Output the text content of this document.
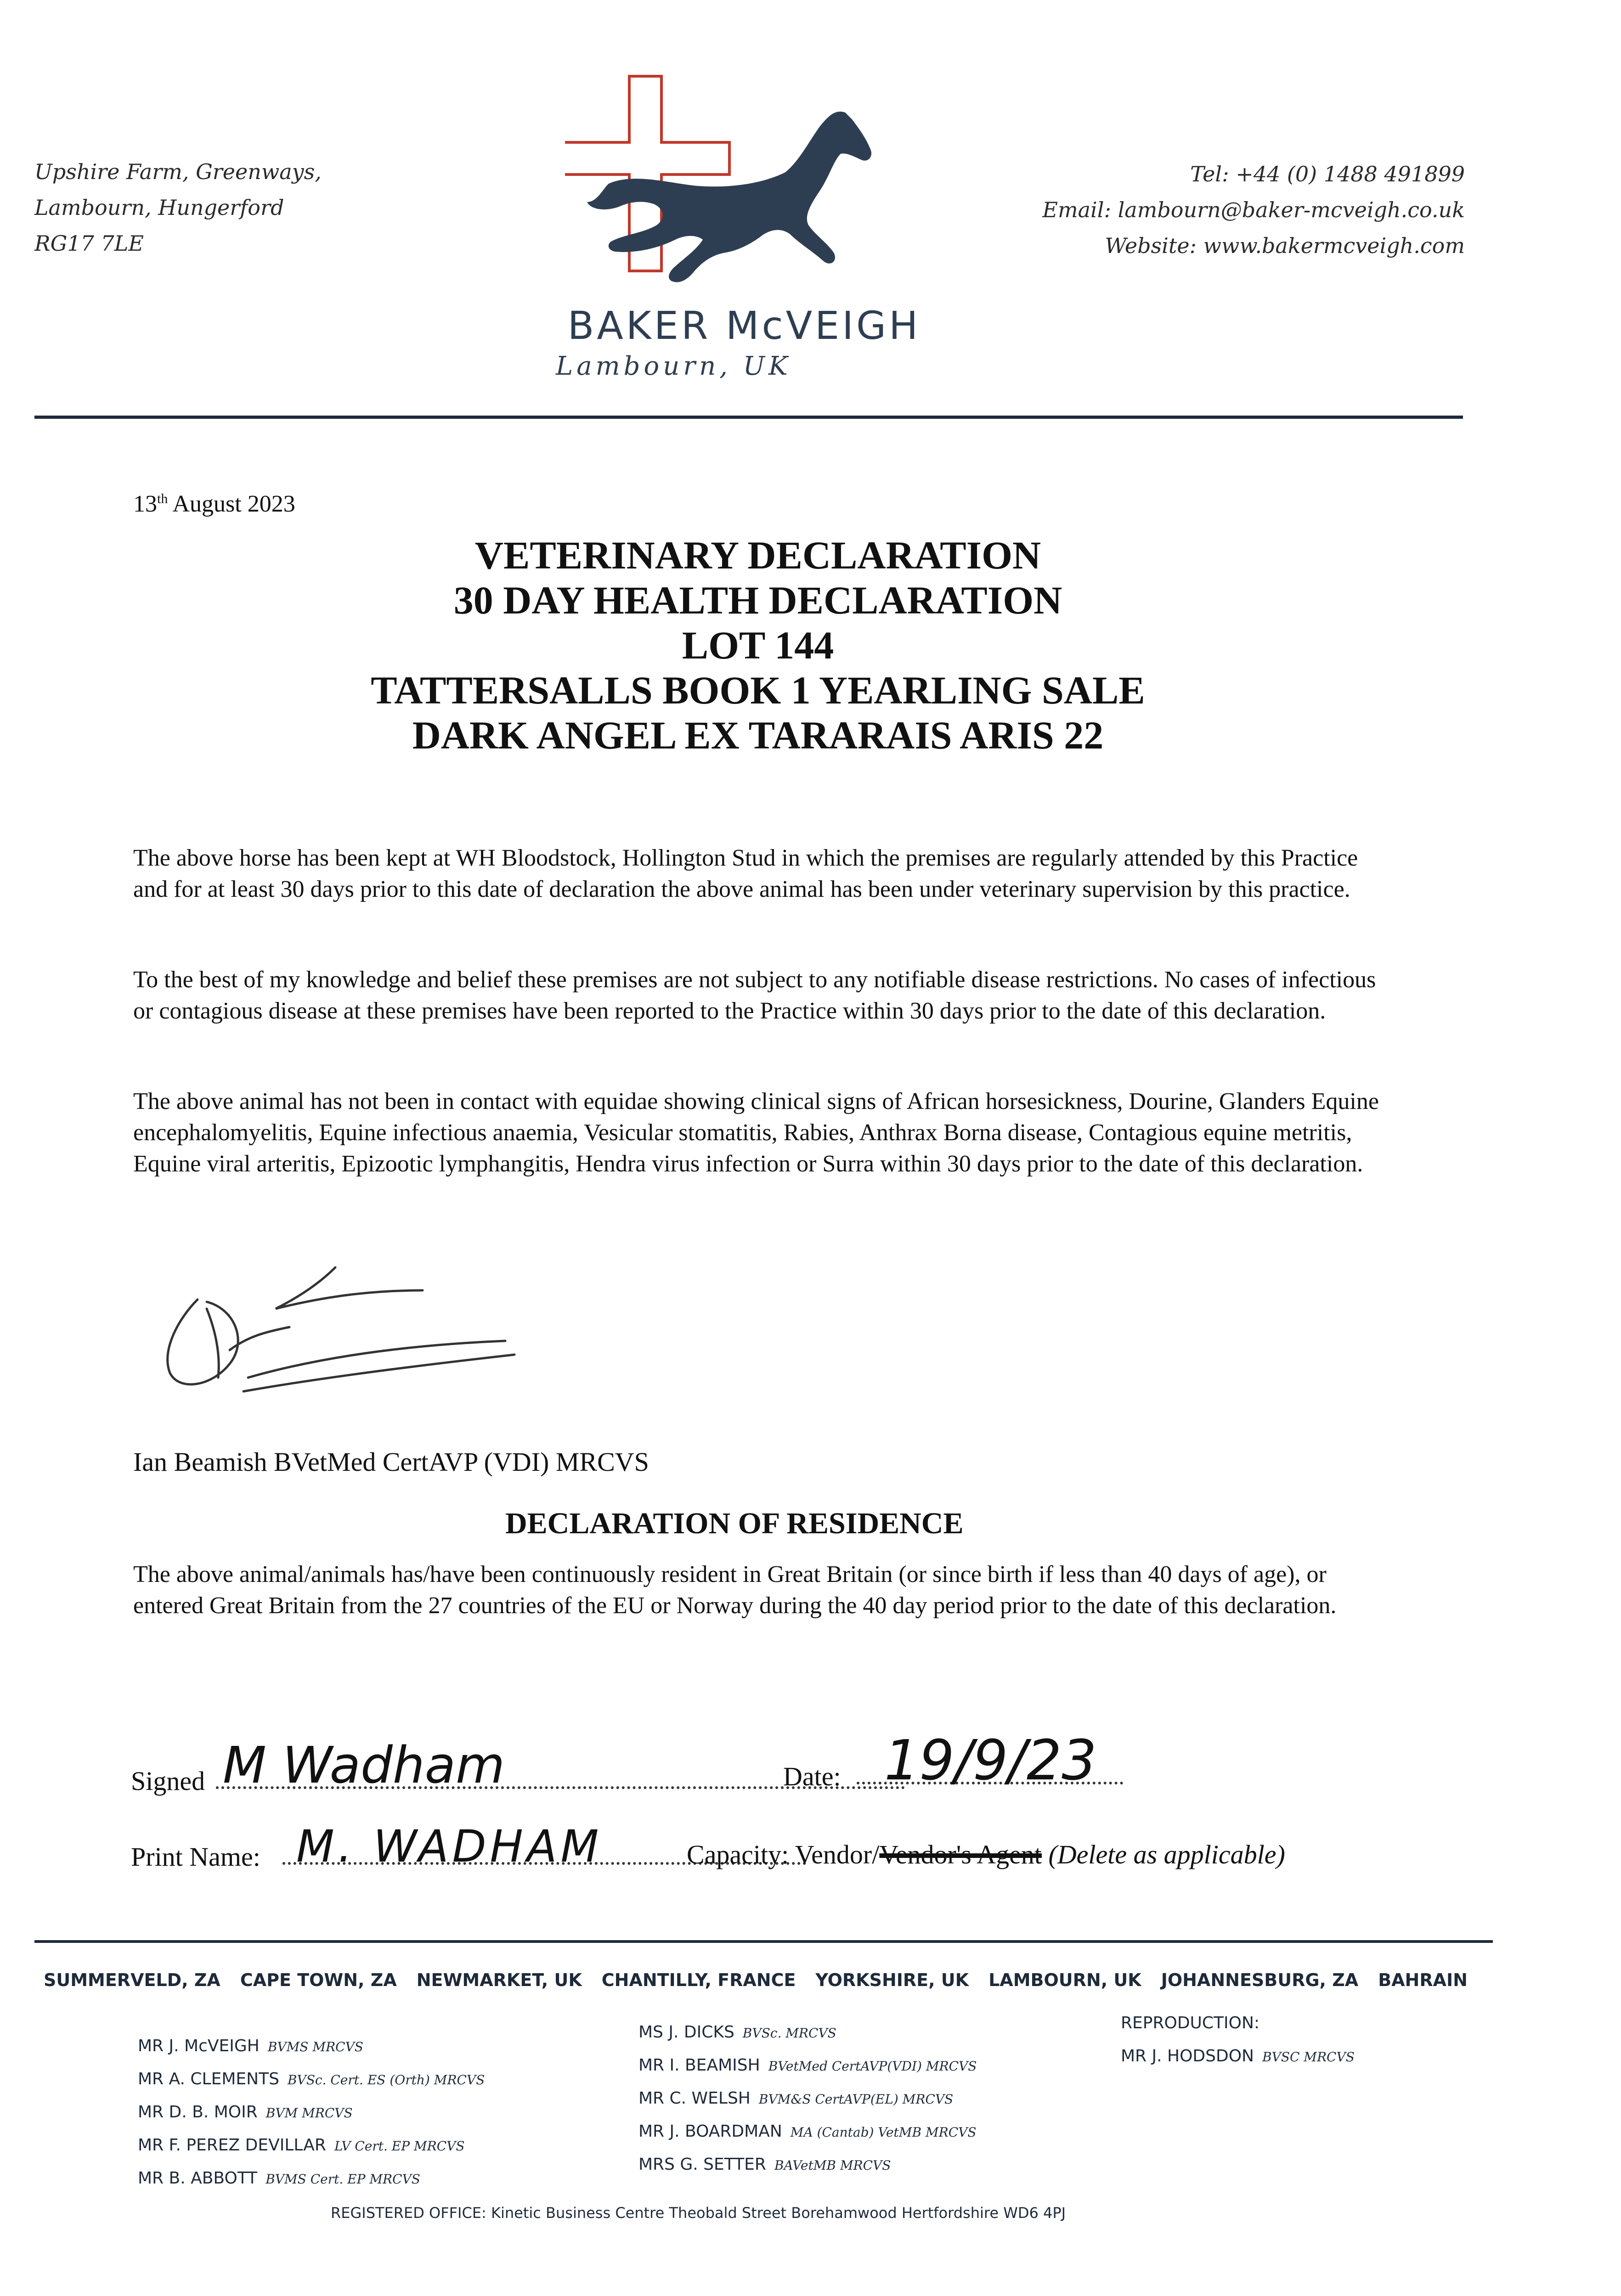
Upshire Farm, Greenways,
Lambourn, Hungerford
RG17 7LE
Tel: +44 (0) 1488 491899
Email: lambourn@baker-mcveigh.co.uk
Website: www.bakermcveigh.com
BAKER McVEIGH
Lambourn, UK
13th August 2023
VETERINARY DECLARATION
30 DAY HEALTH DECLARATION
LOT 144
TATTERSALLS BOOK 1 YEARLING SALE
DARK ANGEL EX TARARAIS ARIS 22
The above horse has been kept at WH Bloodstock, Hollington Stud in which the premises are regularly attended by this Practice and for at least 30 days prior to this date of declaration the above animal has been under veterinary supervision by this practice.
To the best of my knowledge and belief these premises are not subject to any notifiable disease restrictions. No cases of infectious or contagious disease at these premises have been reported to the Practice within 30 days prior to the date of this declaration.
The above animal has not been in contact with equidae showing clinical signs of African horsesickness, Dourine, Glanders Equine encephalomyelitis, Equine infectious anaemia, Vesicular stomatitis, Rabies, Anthrax Borna disease, Contagious equine metritis, Equine viral arteritis, Epizootic lymphangitis, Hendra virus infection or Surra within 30 days prior to the date of this declaration.
Ian Beamish BVetMed CertAVP (VDI) MRCVS
DECLARATION OF RESIDENCE
The above animal/animals has/have been continuously resident in Great Britain (or since birth if less than 40 days of age), or entered Great Britain from the 27 countries of the EU or Norway during the 40 day period prior to the date of this declaration.
Signed M Wadham	Date: 19/9/23
Print Name: M. WADHAM	Capacity: Vendor/Vendor's Agent (Delete as applicable)
SUMMERVELD, ZA CAPE TOWN, ZA NEWMARKET, UK CHANTILLY, FRANCE YORKSHIRE, UK LAMBOURN, UK JOHANNESBURG, ZA BAHRAIN
MR J. McVEIGH BVMS MRCVS
MR A. CLEMENTS BVSc. Cert. ES (Orth) MRCVS
MR D. B. MOIR BVM MRCVS
MR F. PEREZ DEVILLAR LV Cert. EP MRCVS
MR B. ABBOTT BVMS Cert. EP MRCVS
MS J. DICKS BVSc. MRCVS
MR I. BEAMISH BVetMed CertAVP(VDI) MRCVS
MR C. WELSH BVM&S CertAVP(EL) MRCVS
MR J. BOARDMAN MA (Cantab) VetMB MRCVS
MRS G. SETTER BAVetMB MRCVS
REPRODUCTION:
MR J. HODSDON BVSC MRCVS
REGISTERED OFFICE: Kinetic Business Centre Theobald Street Borehamwood Hertfordshire WD6 4PJ
